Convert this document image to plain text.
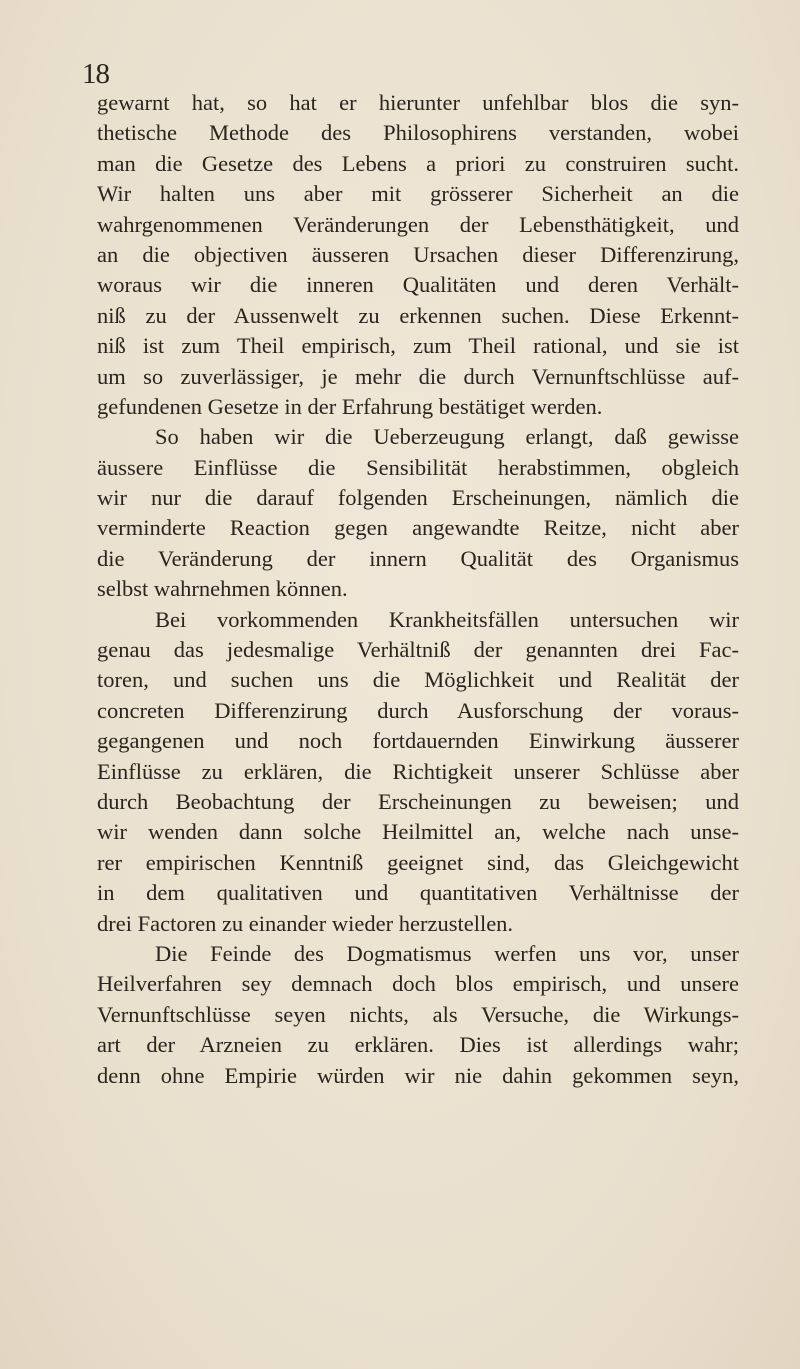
18
gewarnt hat, so hat er hierunter unfehlbar blos die syn-
thetische Methode des Philosophirens verstanden, wobei
man die Gesetze des Lebens a priori zu construiren sucht.
Wir halten uns aber mit grösserer Sicherheit an die
wahrgenommenen Veränderungen der Lebensthätigkeit, und
an die objectiven äusseren Ursachen dieser Differenzirung,
woraus wir die inneren Qualitäten und deren Verhält-
niß zu der Aussenwelt zu erkennen suchen. Diese Erkennt-
niß ist zum Theil empirisch, zum Theil rational, und sie ist
um so zuverlässiger, je mehr die durch Vernunftschlüsse auf-
gefundenen Gesetze in der Erfahrung bestätiget werden.
So haben wir die Ueberzeugung erlangt, daß gewisse
äussere Einflüsse die Sensibilität herabstimmen, obgleich
wir nur die darauf folgenden Erscheinungen, nämlich die
verminderte Reaction gegen angewandte Reitze, nicht aber
die Veränderung der innern Qualität des Organismus
selbst wahrnehmen können.
Bei vorkommenden Krankheitsfällen untersuchen wir
genau das jedesmalige Verhältniß der genannten drei Fac-
toren, und suchen uns die Möglichkeit und Realität der
concreten Differenzirung durch Ausforschung der voraus-
gegangenen und noch fortdauernden Einwirkung äusserer
Einflüsse zu erklären, die Richtigkeit unserer Schlüsse aber
durch Beobachtung der Erscheinungen zu beweisen; und
wir wenden dann solche Heilmittel an, welche nach unse-
rer empirischen Kenntniß geeignet sind, das Gleichgewicht
in dem qualitativen und quantitativen Verhältnisse der
drei Factoren zu einander wieder herzustellen.
Die Feinde des Dogmatismus werfen uns vor, unser
Heilverfahren sey demnach doch blos empirisch, und unsere
Vernunftschlüsse seyen nichts, als Versuche, die Wirkungs-
art der Arzneien zu erklären. Dies ist allerdings wahr;
denn ohne Empirie würden wir nie dahin gekommen seyn,
